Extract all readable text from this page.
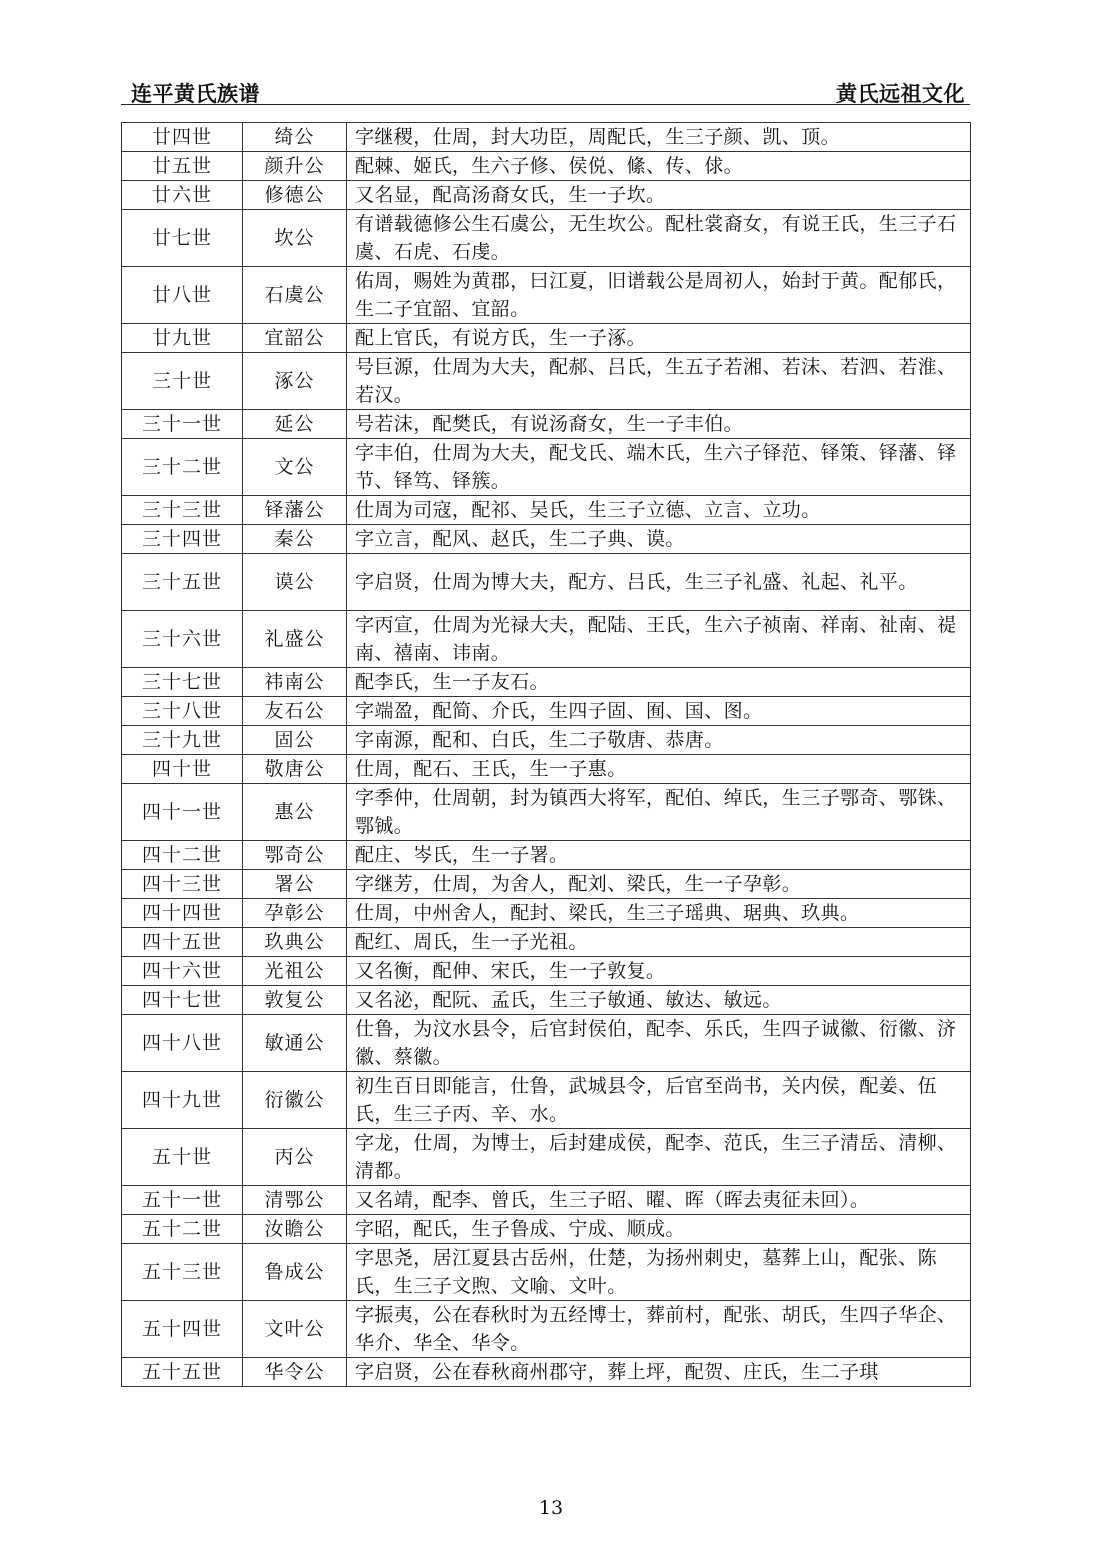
连平黄氏族谱	黄氏远祖文化
廿四世	绮公	字继稷，仕周，封大功臣，周配氏，生三子颜、凯、顶。
廿五世	颜升公	配棘、姬氏，生六子修、侯侻、絛、传、俅。
廿六世	修德公	又名显，配高汤裔女氏，生一子坎。
廿七世	坎公	有谱载德修公生石虞公，无生坎公。配杜裳裔女，有说王氏，生三子石虞、石虎、石虔。
廿八世	石虞公	佑周，赐姓为黄郡，曰江夏，旧谱载公是周初人，始封于黄。配郁氏，生二子宜韶、宜韶。
廿九世	宜韶公	配上官氏，有说方氏，生一子涿。
三十世	涿公	号巨源，仕周为大夫，配郝、吕氏，生五子若湘、若沫、若泗、若淮、若汉。
三十一世	延公	号若沫，配樊氏，有说汤裔女，生一子丰伯。
三十二世	文公	字丰伯，仕周为大夫，配戈氏、端木氏，生六子铎范、铎策、铎藩、铎节、铎笃、铎簇。
三十三世	铎藩公	仕周为司寇，配祁、吴氏，生三子立德、立言、立功。
三十四世	秦公	字立言，配风、赵氏，生二子典、谟。
三十五世	谟公	字启贤，仕周为博大夫，配方、吕氏，生三子礼盛、礼起、礼平。
三十六世	礼盛公	字丙宣，仕周为光禄大夫，配陆、王氏，生六子祯南、祥南、祉南、禔南、禧南、讳南。
三十七世	祎南公	配李氏，生一子友石。
三十八世	友石公	字端盈，配简、介氏，生四子固、囿、国、图。
三十九世	固公	字南源，配和、白氏，生二子敬唐、恭唐。
四十世	敬唐公	仕周，配石、王氏，生一子惠。
四十一世	惠公	字季仲，仕周朝，封为镇西大将军，配伯、绰氏，生三子鄂奇、鄂铢、鄂铖。
四十二世	鄂奇公	配庄、岑氏，生一子署。
四十三世	署公	字继芳，仕周，为舍人，配刘、梁氏，生一子孕彰。
四十四世	孕彰公	仕周，中州舍人，配封、梁氏，生三子瑶典、琚典、玖典。
四十五世	玖典公	配红、周氏，生一子光祖。
四十六世	光祖公	又名衡，配伸、宋氏，生一子敦复。
四十七世	敦复公	又名泌，配阮、孟氏，生三子敏通、敏达、敏远。
四十八世	敏通公	仕鲁，为汶水县令，后官封侯伯，配李、乐氏，生四子诚徽、衍徽、济徽、蔡徽。
四十九世	衍徽公	初生百日即能言，仕鲁，武城县令，后官至尚书，关内侯，配姜、伍氏，生三子丙、辛、水。
五十世	丙公	字龙，仕周，为博士，后封建成侯，配李、范氏，生三子清岳、清柳、清都。
五十一世	清鄂公	又名靖，配李、曾氏，生三子昭、曜、晖（晖去夷征未回）。
五十二世	汝瞻公	字昭，配氏，生子鲁成、宁成、顺成。
五十三世	鲁成公	字思尧，居江夏县古岳州，仕楚，为扬州刺史，墓葬上山，配张、陈氏，生三子文煦、文喻、文叶。
五十四世	文叶公	字振夷，公在春秋时为五经博士，葬前村，配张、胡氏，生四子华企、华介、华全、华令。
五十五世	华令公	字启贤，公在春秋商州郡守，葬上坪，配贺、庄氏，生二子琪
13
